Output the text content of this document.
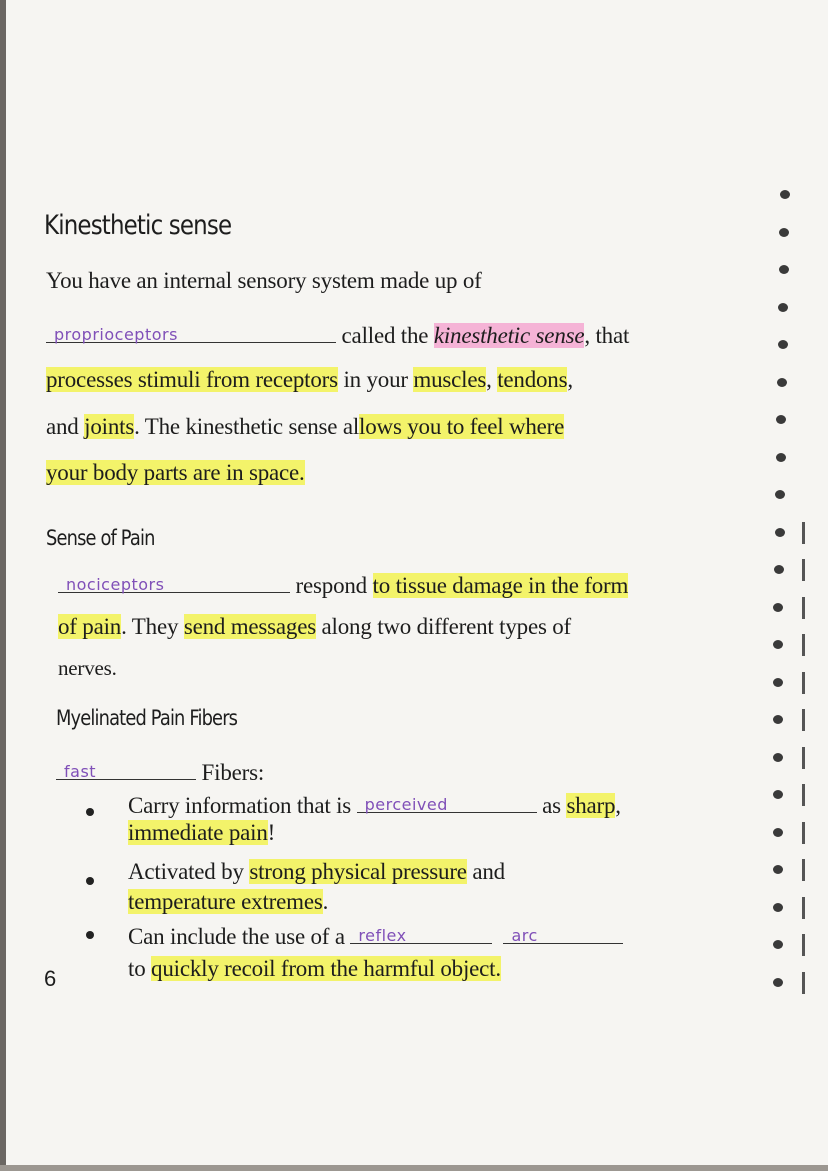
Kinesthetic sense
You have an internal sensory system made up of
proprioceptors	called the kinesthetic sense, that
processes stimuli from receptors in your muscles, tendons,
and joints. The kinesthetic sense allows you to feel where
your body parts are in space.
Sense of Pain
nociceptors	respond to tissue damage in the form
of pain. They send messages along two different types of
nerves.
Myelinated Pain Fibers
fast	Fibers:
Carry information that is perceived	as sharp,
immediate pain!
Activated by strong physical pressure and
temperature extremes.
Can include the use of a reflex
	arc
to quickly recoil from the harmful object.
6
